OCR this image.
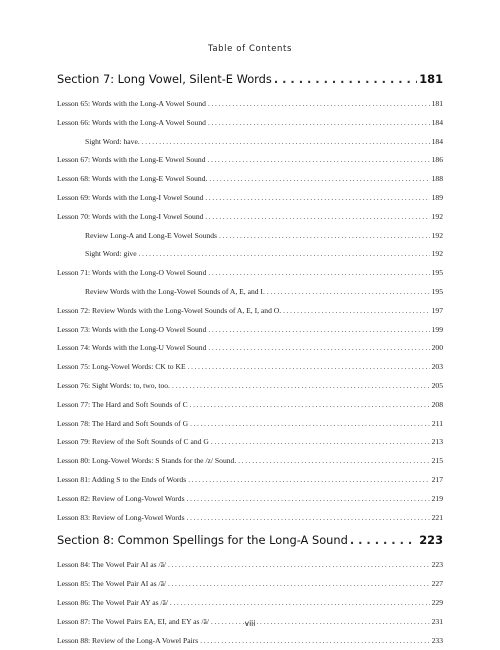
Table of Contents
Section 7: Long Vowel, Silent-E Words . . .	181
Lesson 65: Words with the Long-A Vowel Sound . . .	181
Lesson 66: Words with the Long-A Vowel Sound . . .	184
Sight Word: have. . . .	184
Lesson 67: Words with the Long-E Vowel Sound . . .	186
Lesson 68: Words with the Long-E Vowel Sound. . . .	188
Lesson 69: Words with the Long-I Vowel Sound . . .	189
Lesson 70: Words with the Long-I Vowel Sound . . .	192
Review Long-A and Long-E Vowel Sounds . . .	192
Sight Word: give . . .	192
Lesson 71: Words with the Long-O Vowel Sound . . .	195
Review Words with the Long-Vowel Sounds of A, E, and I. . . .	195
Lesson 72: Review Words with the Long-Vowel Sounds of A, E, I, and O. . . .	197
Lesson 73: Words with the Long-O Vowel Sound . . .	199
Lesson 74: Words with the Long-U Vowel Sound . . .	200
Lesson 75: Long-Vowel Words: CK to KE . . .	203
Lesson 76: Sight Words: to, two, too. . . .	205
Lesson 77: The Hard and Soft Sounds of C . . .	208
Lesson 78: The Hard and Soft Sounds of G . . .	211
Lesson 79: Review of the Soft Sounds of C and G . . .	213
Lesson 80: Long-Vowel Words: S Stands for the /z/ Sound. . . .	215
Lesson 81: Adding S to the Ends of Words . . .	217
Lesson 82: Review of Long-Vowel Words . . .	219
Lesson 83: Review of Long-Vowel Words . . .	221
Section 8: Common Spellings for the Long-A Sound . . .	223
Lesson 84: The Vowel Pair AI as /ā/ . . .	223
Lesson 85: The Vowel Pair AI as /ā/ . . .	227
Lesson 86: The Vowel Pair AY as /ā/ . . .	229
Lesson 87: The Vowel Pairs EA, EI, and EY as /ā/ . . .	231
Lesson 88: Review of the Long-A Vowel Pairs . . .	233
viii
